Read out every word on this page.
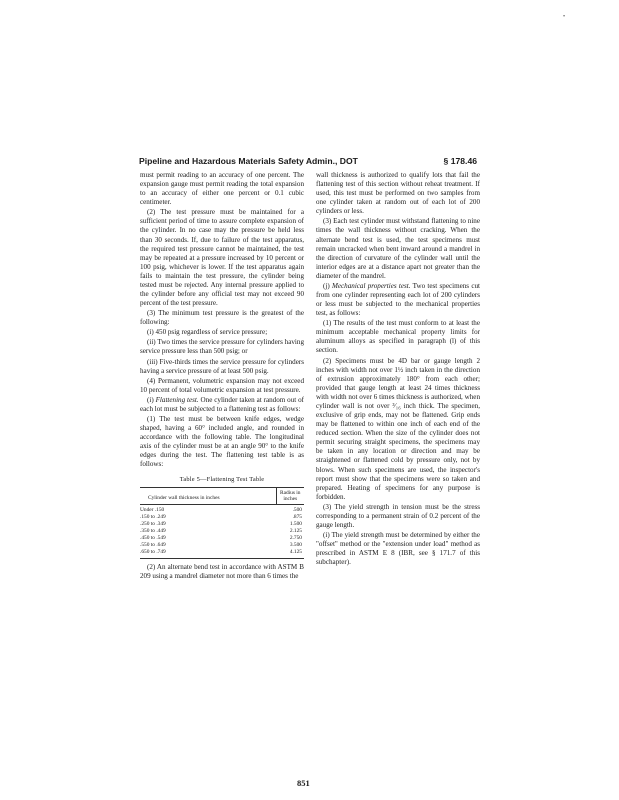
•
Pipeline and Hazardous Materials Safety Admin., DOT	§ 178.46

must permit reading to an accuracy of one percent. The expansion gauge must permit reading the total expansion to an accuracy of either one percent or 0.1 cubic centimeter.

(2) The test pressure must be maintained for a sufficient period of time to assure complete expansion of the cylinder. In no case may the pressure be held less than 30 seconds. If, due to failure of the test apparatus, the required test pressure cannot be maintained, the test may be repeated at a pressure increased by 10 percent or 100 psig, whichever is lower. If the test apparatus again fails to maintain the test pressure, the cylinder being tested must be rejected. Any internal pressure applied to the cylinder before any official test may not exceed 90 percent of the test pressure.

(3) The minimum test pressure is the greatest of the following:

(i) 450 psig regardless of service pressure;

(ii) Two times the service pressure for cylinders having service pressure less than 500 psig; or

(iii) Five-thirds times the service pressure for cylinders having a service pressure of at least 500 psig.

(4) Permanent, volumetric expansion may not exceed 10 percent of total volumetric expansion at test pressure.

(i) Flattening test. One cylinder taken at random out of each lot must be subjected to a flattening test as follows:

(1) The test must be between knife edges, wedge shaped, having a 60° included angle, and rounded in accordance with the following table. The longitudinal axis of the cylinder must be at an angle 90° to the knife edges during the test. The flattening test table is as follows:

Table 5—Flattening Test Table
Cylinder wall thickness in inches	Radius in inches
Under .150	.500
.150 to .249	.875
.250 to .349	1.500
.350 to .449	2.125
.450 to .549	2.750
.550 to .649	3.500
.650 to .749	4.125

(2) An alternate bend test in accordance with ASTM B 209 using a mandrel diameter not more than 6 times the

wall thickness is authorized to qualify lots that fail the flattening test of this section without reheat treatment. If used, this test must be performed on two samples from one cylinder taken at random out of each lot of 200 cylinders or less.

(3) Each test cylinder must withstand flattening to nine times the wall thickness without cracking. When the alternate bend test is used, the test specimens must remain uncracked when bent inward around a mandrel in the direction of curvature of the cylinder wall until the interior edges are at a distance apart not greater than the diameter of the mandrel.

(j) Mechanical properties test. Two test specimens cut from one cylinder representing each lot of 200 cylinders or less must be subjected to the mechanical properties test, as follows:

(1) The results of the test must conform to at least the minimum acceptable mechanical property limits for aluminum alloys as specified in paragraph (l) of this section.

(2) Specimens must be 4D bar or gauge length 2 inches with width not over 1½ inch taken in the direction of extrusion approximately 180° from each other; provided that gauge length at least 24 times thickness with width not over 6 times thickness is authorized, when cylinder wall is not over ³⁄₁₆ inch thick. The specimen, exclusive of grip ends, may not be flattened. Grip ends may be flattened to within one inch of each end of the reduced section. When the size of the cylinder does not permit securing straight specimens, the specimens may be taken in any location or direction and may be straightened or flattened cold by pressure only, not by blows. When such specimens are used, the inspector's report must show that the specimens were so taken and prepared. Heating of specimens for any purpose is forbidden.

(3) The yield strength in tension must be the stress corresponding to a permanent strain of 0.2 percent of the gauge length.

(i) The yield strength must be determined by either the "offset" method or the "extension under load" method as prescribed in ASTM E 8 (IBR, see § 171.7 of this subchapter).

851
